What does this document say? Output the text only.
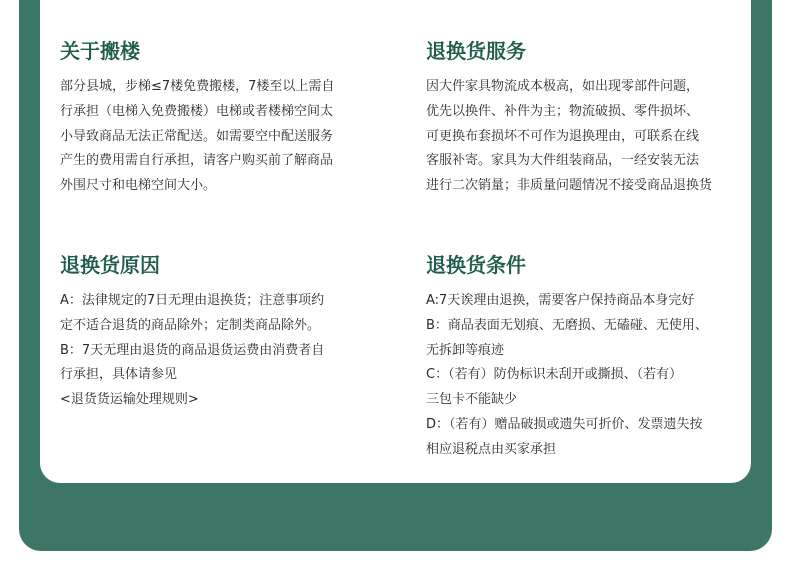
关于搬楼
部分县城，步梯≤7楼免费搬楼，7楼至以上需自
行承担（电梯入免费搬楼）电梯或者楼梯空间太
小导致商品无法正常配送。如需要空中配送服务
产生的费用需自行承担，请客户购买前了解商品
外围尺寸和电梯空间大小。
退换货服务
因大件家具物流成本极高，如出现零部件问题，
优先以换件、补件为主；物流破损、零件损坏、
可更换布套损坏不可作为退换理由，可联系在线
客服补寄。家具为大件组装商品，一经安装无法
进行二次销量；非质量问题情况不接受商品退换货
退换货原因
A：法律规定的7日无理由退换货；注意事项约
定不适合退货的商品除外；定制类商品除外。
B：7天无理由退货的商品退货运费由消费者自
行承担，具体请参见
<退货货运输处理规则>
退换货条件
A:7天诶理由退换，需要客户保持商品本身完好
B：商品表面无划痕、无磨损、无磕碰、无使用、
无拆卸等痕迹
C：（若有）防伪标识未刮开或撕损、（若有）
三包卡不能缺少
D：（若有）赠品破损或遗失可折价、发票遗失按
相应退税点由买家承担
